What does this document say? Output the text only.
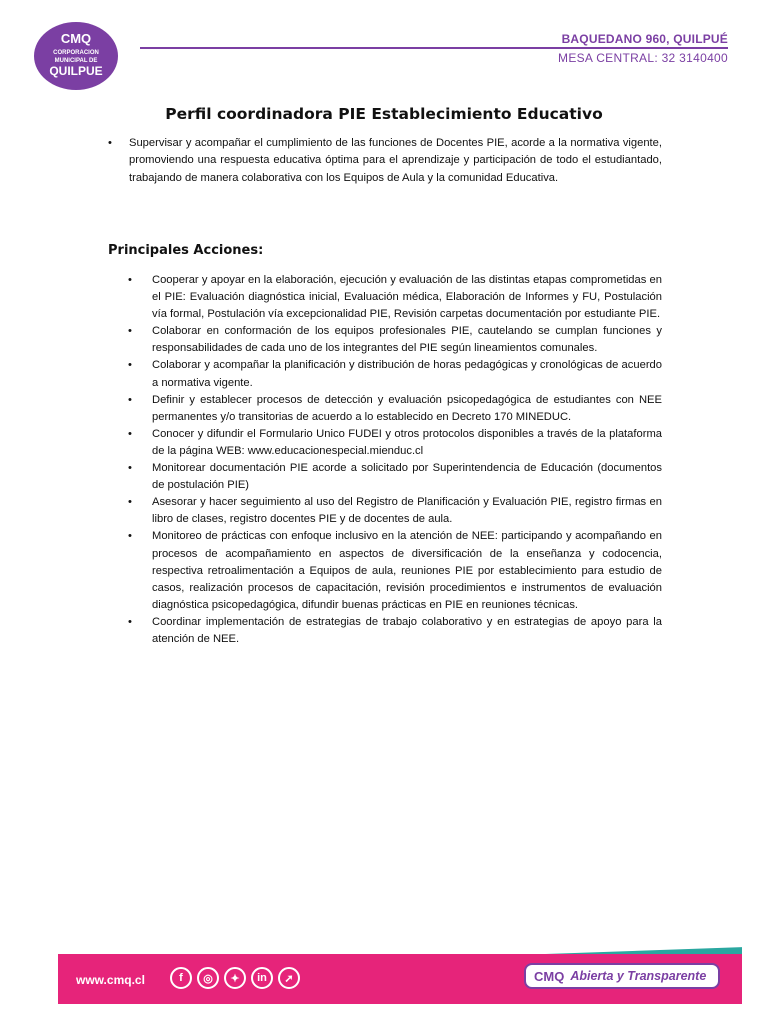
CMQ
CORPORACION
MUNICIPAL DE
QUILPUE
BAQUEDANO 960, QUILPUÉ
MESA CENTRAL: 32 3140400
Perfil coordinadora PIE Establecimiento Educativo
• Supervisar y acompañar el cumplimiento de las funciones de Docentes PIE, acorde a la normativa vigente, promoviendo una respuesta educativa óptima para el aprendizaje y participación de todo el estudiantado, trabajando de manera colaborativa con los Equipos de Aula y la comunidad Educativa.
Principales Acciones:
• Cooperar y apoyar en la elaboración, ejecución y evaluación de las distintas etapas comprometidas en el PIE: Evaluación diagnóstica inicial, Evaluación médica, Elaboración de Informes y FU, Postulación vía formal, Postulación vía excepcionalidad PIE, Revisión carpetas documentación por estudiante PIE.
• Colaborar en conformación de los equipos profesionales PIE, cautelando se cumplan funciones y responsabilidades de cada uno de los integrantes del PIE según lineamientos comunales.
• Colaborar y acompañar la planificación y distribución de horas pedagógicas y cronológicas de acuerdo a normativa vigente.
• Definir y establecer procesos de detección y evaluación psicopedagógica de estudiantes con NEE permanentes y/o transitorias de acuerdo a lo establecido en Decreto 170 MINEDUC.
• Conocer y difundir el Formulario Unico FUDEI y otros protocolos disponibles a través de la plataforma de la página WEB: www.educacionespecial.mienduc.cl
• Monitorear documentación PIE acorde a solicitado por Superintendencia de Educación (documentos de postulación PIE)
• Asesorar y hacer seguimiento al uso del Registro de Planificación y Evaluación PIE, registro firmas en libro de clases, registro docentes PIE y de docentes de aula.
• Monitoreo de prácticas con enfoque inclusivo en la atención de NEE: participando y acompañando en procesos de acompañamiento en aspectos de diversificación de la enseñanza y codocencia, respectiva retroalimentación a Equipos de aula, reuniones PIE por establecimiento para estudio de casos, realización procesos de capacitación, revisión procedimientos e instrumentos de evaluación diagnóstica psicopedagógica, difundir buenas prácticas en PIE en reuniones técnicas.
• Coordinar implementación de estrategias de trabajo colaborativo y en estrategias de apoyo para la atención de NEE.
www.cmq.cl	f	◎	✦	in	➚	CMQ Abierta y Transparente
